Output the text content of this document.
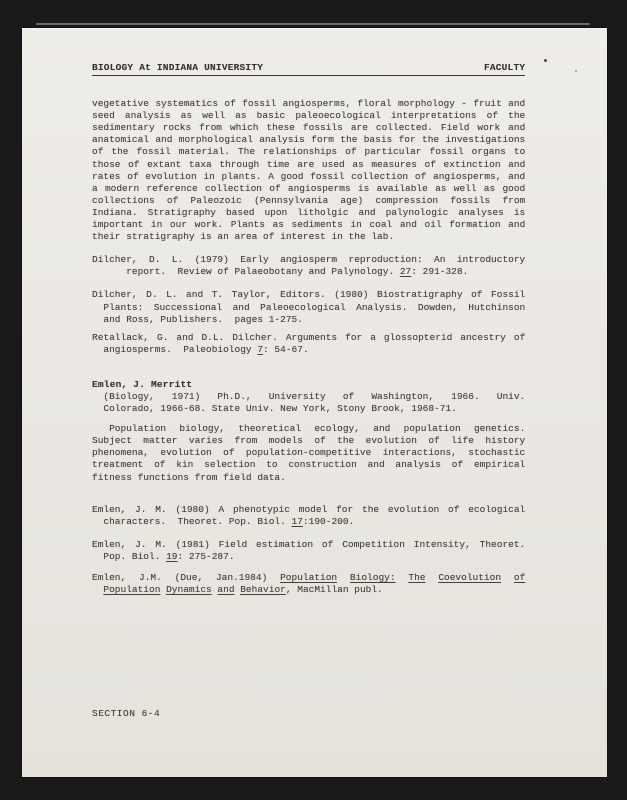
BIOLOGY At INDIANA UNIVERSITY	FACULTY
vegetative systematics of fossil angiosperms, floral morphology - fruit and
seed analysis as well as basic paleoecological interpretations of the
sedimentary rocks from which these fossils are collected. Field work and
anatomical and morphological analysis form the basis for the investigations
of the fossil material. The relationships of particular fossil organs to
those of extant taxa through time are used as measures of extinction and
rates of evolution in plants. A good fossil collection of angiosperms, and
a modern reference collection of angiosperms is available as well as good
collections of Paleozoic (Pennsylvania age) compression fossils from
Indiana. Stratigraphy based upon litholgic and palynologic analyses is
important in our work. Plants as sediments in coal and oil formation and
their stratigraphy is an area of interest in the lab.
Dilcher, D. L. (1979) Early angiosperm reproduction: An introductory
report.  Review of Palaeobotany and Palynology. 27: 291-328.
Dilcher, D. L. and T. Taylor, Editors. (1980) Biostratigraphy of Fossil
Plants: Successional and Paleoecological Analysis. Dowden, Hutchinson
and Ross, Publishers.  pages 1-275.
Retallack, G. and D.L. Dilcher. Arguments for a glossopterid ancestry of
angiosperms.  Paleobiology 7: 54-67.
Emlen, J. Merritt
(Biology, 1971) Ph.D., University of Washington, 1966. Univ.
Colorado, 1966-68. State Univ. New York, Stony Brook, 1968-71.
Population biology, theoretical ecology, and population genetics.
Subject matter varies from models of the evolution of life history
phenomena, evolution of population-competitive interactions, stochastic
treatment of kin selection to construction and analysis of empirical
fitness functions from field data.
Emlen, J. M. (1980) A phenotypic model for the evolution of ecological
characters.  Theoret. Pop. Biol. 17:190-200.
Emlen, J. M. (1981) Field estimation of Competition Intensity, Theoret.
Pop. Biol. 19: 275-287.
Emlen, J.M. (Due, Jan.1984) Population Biology: The Coevolution of
Population Dynamics and Behavior, MacMillan publ.
SECTION 6-4
